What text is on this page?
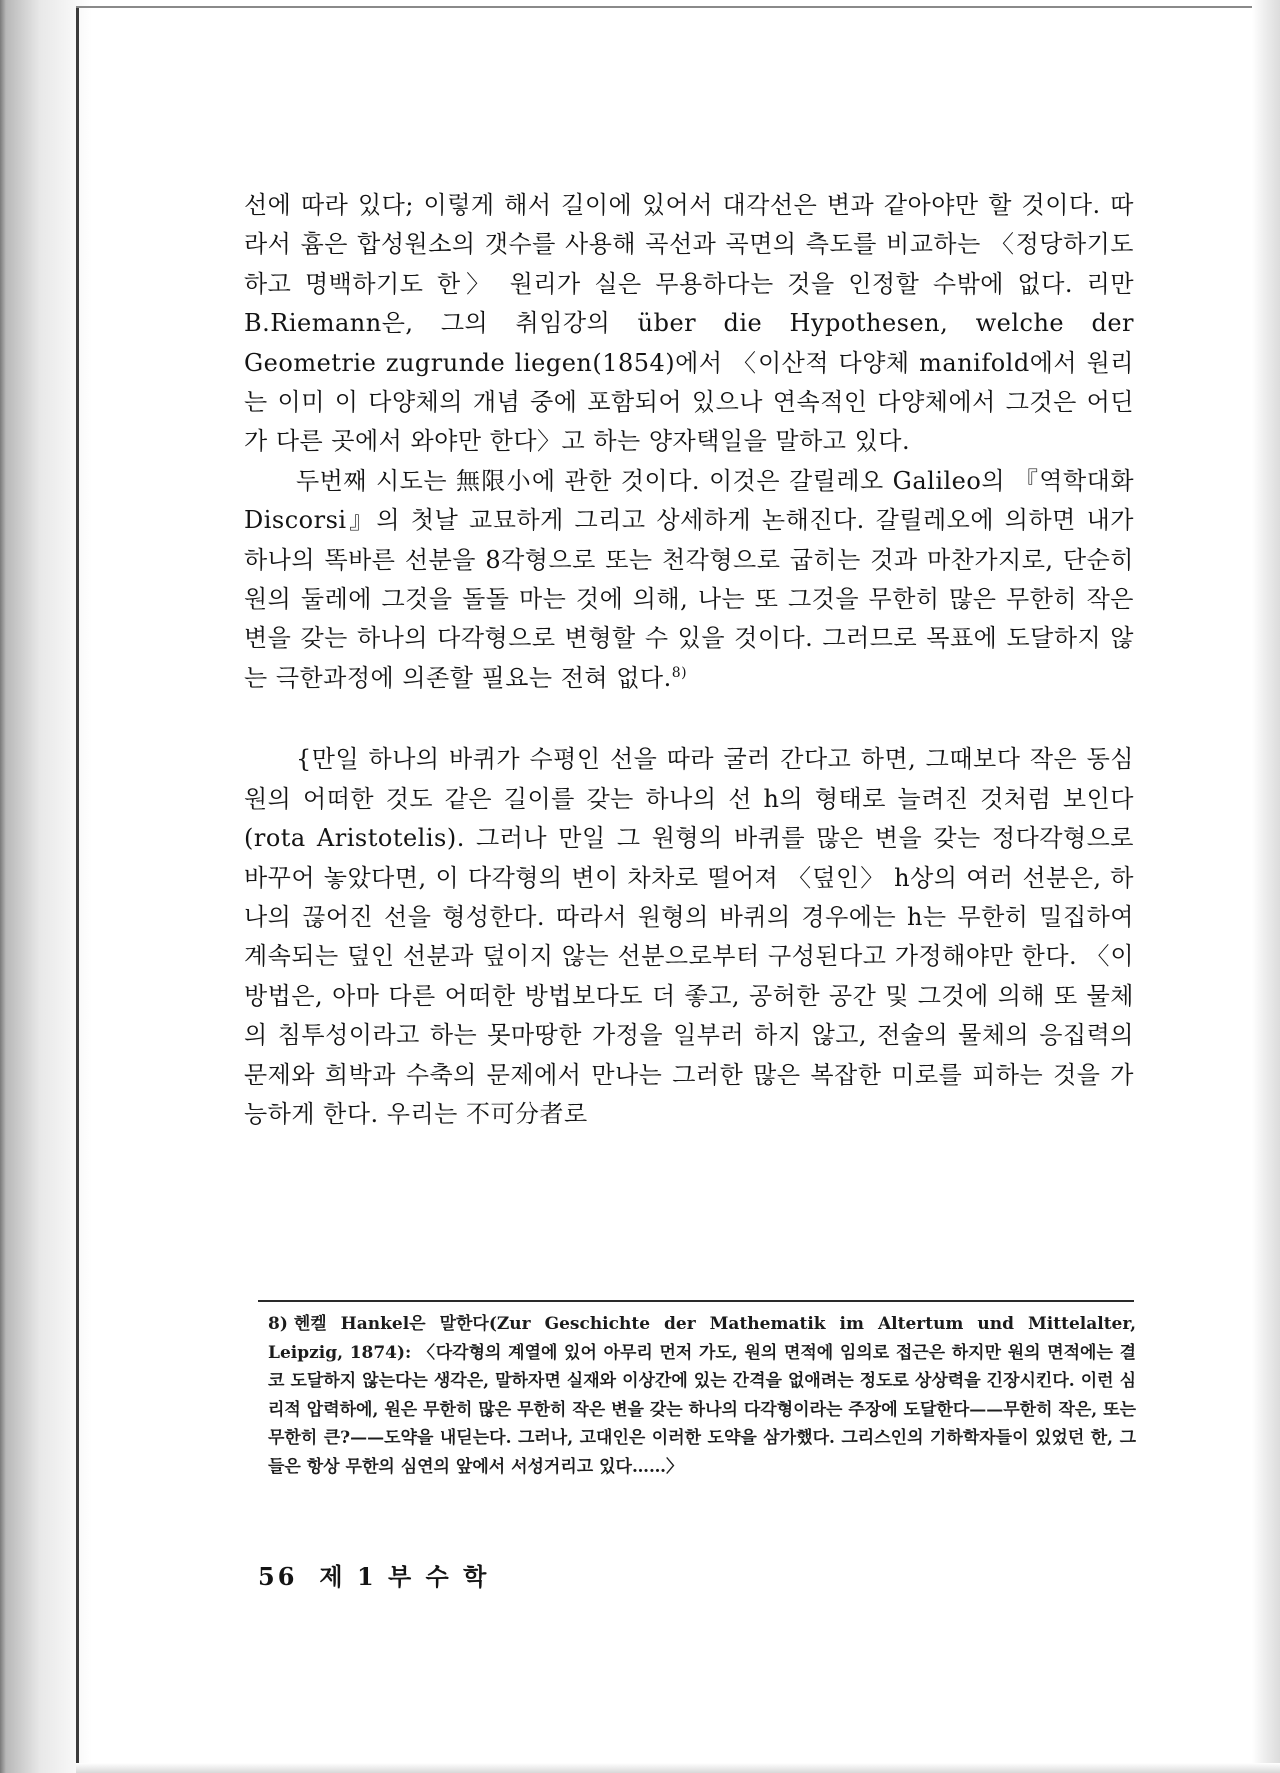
선에 따라 있다; 이렇게 해서 길이에 있어서 대각선은 변과 같아야만 할 것이다. 따라서 흄은 합성원소의 갯수를 사용해 곡선과 곡면의 측도를 비교하는 〈정당하기도 하고 명백하기도 한〉 원리가 실은 무용하다는 것을 인정할 수밖에 없다. 리만 B.Riemann은, 그의 취임강의 über die Hypothesen, welche der Geometrie zugrunde liegen(1854)에서 〈이산적 다양체 manifold에서 원리는 이미 이 다양체의 개념 중에 포함되어 있으나 연속적인 다양체에서 그것은 어딘가 다른 곳에서 와야만 한다〉고 하는 양자택일을 말하고 있다.

두번째 시도는 無限小에 관한 것이다. 이것은 갈릴레오 Galileo의 『역학대화 Discorsi』의 첫날 교묘하게 그리고 상세하게 논해진다. 갈릴레오에 의하면 내가 하나의 똑바른 선분을 8각형으로 또는 천각형으로 굽히는 것과 마찬가지로, 단순히 원의 둘레에 그것을 돌돌 마는 것에 의해, 나는 또 그것을 무한히 많은 무한히 작은 변을 갖는 하나의 다각형으로 변형할 수 있을 것이다. 그러므로 목표에 도달하지 않는 극한과정에 의존할 필요는 전혀 없다.$^{8)}$

{만일 하나의 바퀴가 수평인 선을 따라 굴러 간다고 하면, 그때보다 작은 동심원의 어떠한 것도 같은 길이를 갖는 하나의 선 h의 형태로 늘려진 것처럼 보인다(rota Aristotelis). 그러나 만일 그 원형의 바퀴를 많은 변을 갖는 정다각형으로 바꾸어 놓았다면, 이 다각형의 변이 차차로 떨어져 〈덮인〉 h상의 여러 선분은, 하나의 끊어진 선을 형성한다. 따라서 원형의 바퀴의 경우에는 h는 무한히 밀집하여 계속되는 덮인 선분과 덮이지 않는 선분으로부터 구성된다고 가정해야만 한다. 〈이 방법은, 아마 다른 어떠한 방법보다도 더 좋고, 공허한 공간 및 그것에 의해 또 물체의 침투성이라고 하는 못마땅한 가정을 일부러 하지 않고, 전술의 물체의 응집력의 문제와 희박과 수축의 문제에서 만나는 그러한 많은 복잡한 미로를 피하는 것을 가능하게 한다. 우리는 不可分者로

8) 헨켈 Hankel은 말한다(Zur Geschichte der Mathematik im Altertum und Mittelalter, Leipzig, 1874): 〈다각형의 계열에 있어 아무리 먼저 가도, 원의 면적에 임의로 접근은 하지만 원의 면적에는 결코 도달하지 않는다는 생각은, 말하자면 실재와 이상간에 있는 간격을 없애려는 정도로 상상력을 긴장시킨다. 이런 심리적 압력하에, 원은 무한히 많은 무한히 작은 변을 갖는 하나의 다각형이라는 주장에 도달한다——무한히 작은, 또는 무한히 큰?——도약을 내딛는다. 그러나, 고대인은 이러한 도약을 삼가했다. 그리스인의 기하학자들이 있었던 한, 그들은 항상 무한의 심연의 앞에서 서성거리고 있다……〉
56 제 1 부 수 학
